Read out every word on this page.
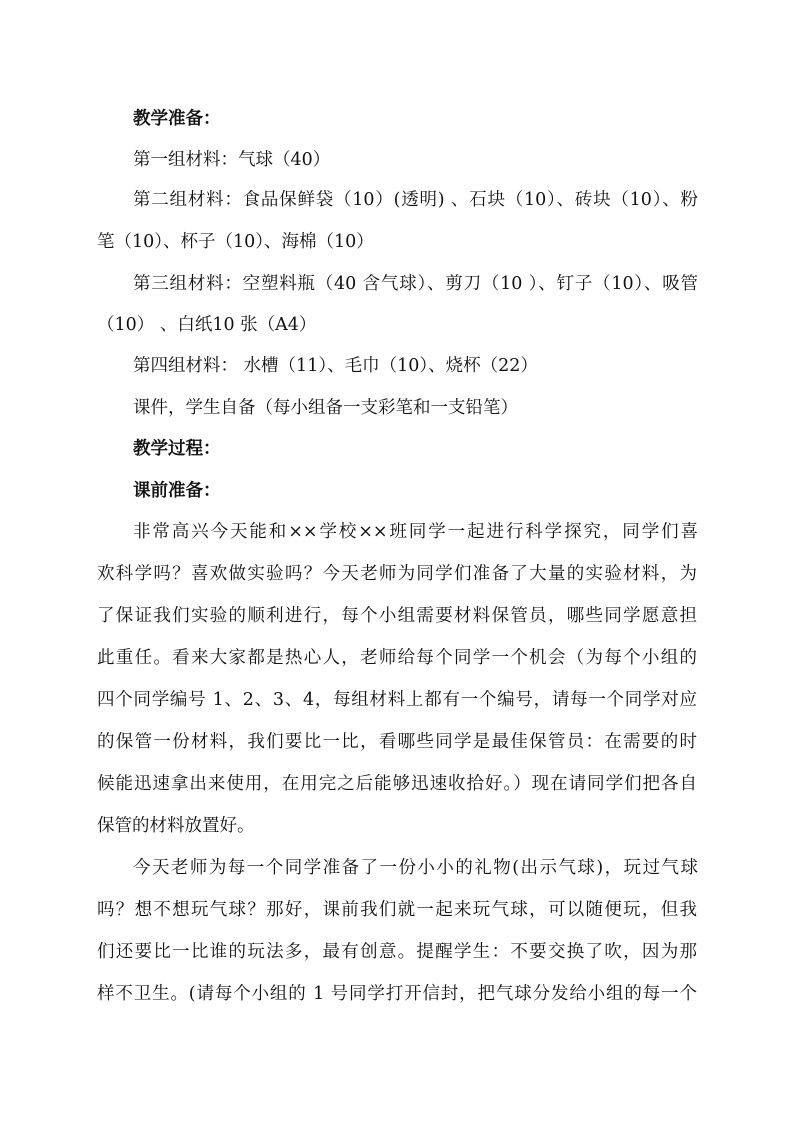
教学准备：
第一组材料：气球（40）
第二组材料：食品保鲜袋（10）(透明) 、石块（10）、砖块（10）、粉
笔（10）、杯子（10）、海棉（10）
第三组材料：空塑料瓶（40 含气球）、剪刀（10 ）、钉子（10）、吸管
（10） 、白纸10 张（A4）
第四组材料： 水槽（11）、毛巾（10）、烧杯（22）
课件，学生自备（每小组备一支彩笔和一支铅笔）
教学过程：
课前准备：
非常高兴今天能和××学校××班同学一起进行科学探究，同学们喜
欢科学吗？喜欢做实验吗？今天老师为同学们准备了大量的实验材料，为
了保证我们实验的顺利进行，每个小组需要材料保管员，哪些同学愿意担
此重任。看来大家都是热心人，老师给每个同学一个机会（为每个小组的
四个同学编号 1、2、3、4，每组材料上都有一个编号，请每一个同学对应
的保管一份材料，我们要比一比，看哪些同学是最佳保管员：在需要的时
候能迅速拿出来使用，在用完之后能够迅速收拾好。）现在请同学们把各自
保管的材料放置好。
今天老师为每一个同学准备了一份小小的礼物(出示气球)，玩过气球
吗？想不想玩气球？那好，课前我们就一起来玩气球，可以随便玩，但我
们还要比一比谁的玩法多，最有创意。提醒学生：不要交换了吹，因为那
样不卫生。(请每个小组的 1 号同学打开信封，把气球分发给小组的每一个
